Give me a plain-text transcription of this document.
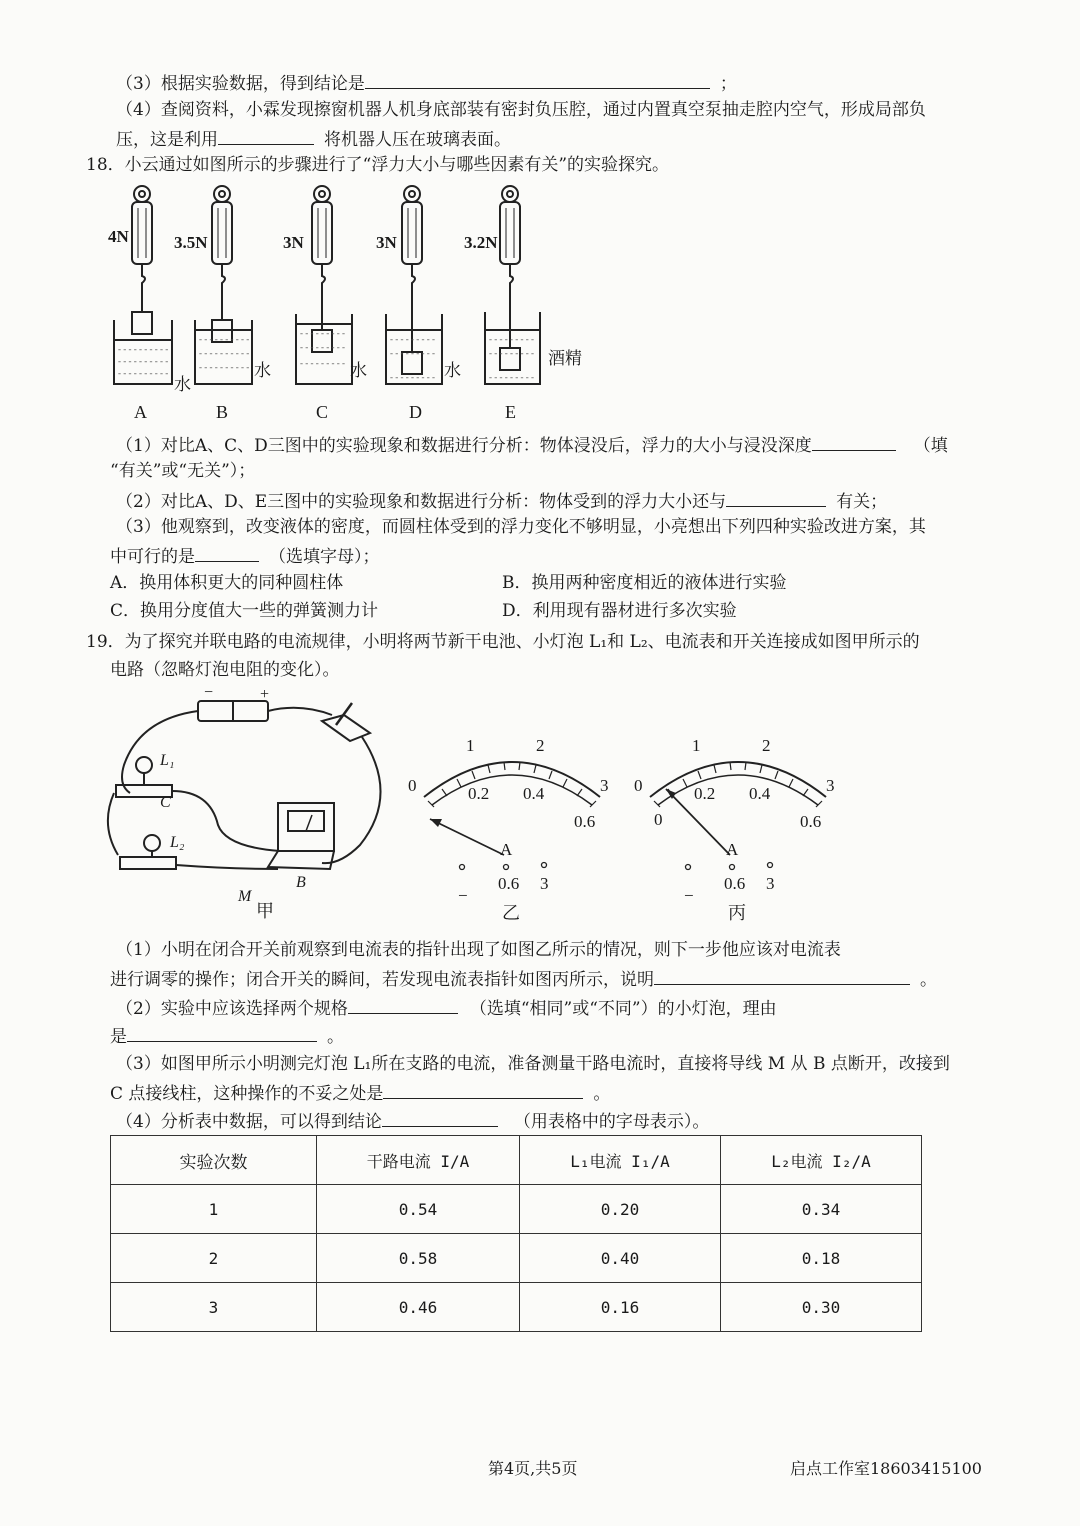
（3）根据实验数据，得到结论是	；
（4）查阅资料，小霖发现擦窗机器人机身底部装有密封负压腔，通过内置真空泵抽走腔内空气，形成局部负
压，这是利用	将机器人压在玻璃表面。
18．小云通过如图所示的步骤进行了“浮力大小与哪些因素有关”的实验探究。
- - - - - - - - - -
- - - - - - - - - -
- - - - - - - - - -
- - - - - - - - - -
- - - - - - - - - -
- - - - - - - - - -
- - - - - - - - -
- - - - - - - - -
- - - - - - - - -
- - - - - - - - -
- - - - - - - - -
- - - - - - - - -
- - - - - - - - -
- - - - - - - - -
- - - - - - - - -
4N	3.5N	3N	3N	3.2N
水
水	水	水
酒精
A	B	C	D	E
（1）对比A、C、D三图中的实验现象和数据进行分析：物体浸没后，浮力的大小与浸没深度	（填
“有关”或“无关”）；
（2）对比A、D、E三图中的实验现象和数据进行分析：物体受到的浮力大小还与	有关；
（3）他观察到，改变液体的密度，而圆柱体受到的浮力变化不够明显，小亮想出下列四种实验改进方案，其
中可行的是	（选填字母）；
A．换用体积更大的同种圆柱体	B．换用两种密度相近的液体进行实验
C．换用分度值大一些的弹簧测力计	D．利用现有器材进行多次实验
19．为了探究并联电路的电流规律，小明将两节新干电池、小灯泡 L₁和 L₂、电流表和开关连接成如图甲所示的
电路（忽略灯泡电阻的变化）。
−	+
L₁
C
L₂
B
M
甲
0
1	2
3
0.2 0.4
0.6
A
−
0.6 3
乙
0
1	2
3
0
0.2 0.4
0.6
A
−
0.6 3
丙
（1）小明在闭合开关前观察到电流表的指针出现了如图乙所示的情况，则下一步他应该对电流表
进行调零的操作；闭合开关的瞬间，若发现电流表指针如图丙所示，说明	。
（2）实验中应该选择两个规格	（选填“相同”或“不同”）的小灯泡，理由
是	。
（3）如图甲所示小明测完灯泡 L₁所在支路的电流，准备测量干路电流时，直接将导线 M 从 B 点断开，改接到
C 点接线柱，这种操作的不妥之处是	。
（4）分析表中数据，可以得到结论	（用表格中的字母表示）。
实验次数	干路电流 I/A	L₁电流 I₁/A	L₂电流 I₂/A
1	0.54	0.20	0.34
2	0.58	0.40	0.18
3	0.46	0.16	0.30
第4页,共5页	启点工作室18603415100
